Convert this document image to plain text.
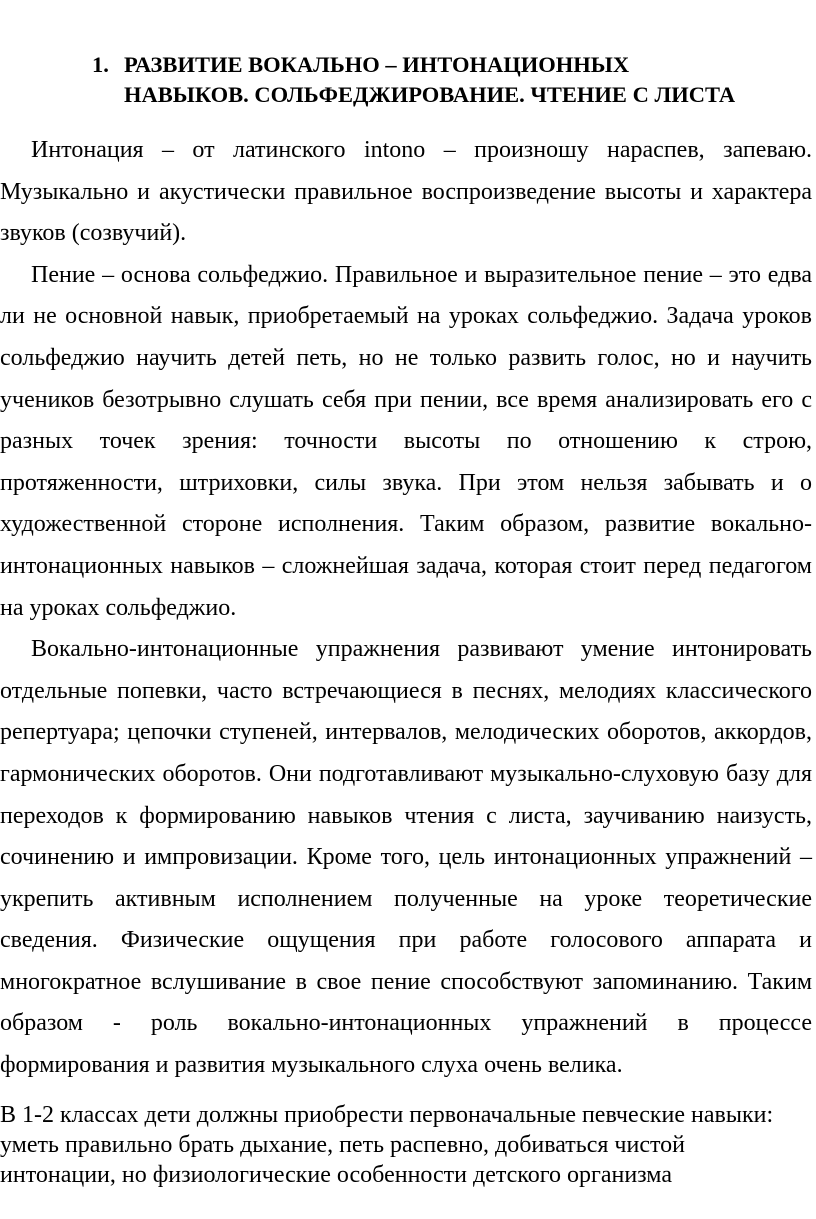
1. РАЗВИТИЕ ВОКАЛЬНО – ИНТОНАЦИОННЫХ
НАВЫКОВ. СОЛЬФЕДЖИРОВАНИЕ. ЧТЕНИЕ С ЛИСТА

Интонация – от латинского intono – произношу нараспев, запеваю. Музыкально и акустически правильное воспроизведение высоты и характера звуков (созвучий).

Пение – основа сольфеджио. Правильное и выразительное пение – это едва ли не основной навык, приобретаемый на уроках сольфеджио. Задача уроков сольфеджио научить детей петь, но не только развить голос, но и научить учеников безотрывно слушать себя при пении, все время анализировать его с разных точек зрения: точности высоты по отношению к строю, протяженности, штриховки, силы звука. При этом нельзя забывать и о художественной стороне исполнения. Таким образом, развитие вокально-интонационных навыков – сложнейшая задача, которая стоит перед педагогом на уроках сольфеджио.

Вокально-интонационные упражнения развивают умение интонировать отдельные попевки, часто встречающиеся в песнях, мелодиях классического репертуара; цепочки ступеней, интервалов, мелодических оборотов, аккордов, гармонических оборотов. Они подготавливают музыкально-слуховую базу для переходов к формированию навыков чтения с листа, заучиванию наизусть, сочинению и импровизации. Кроме того, цель интонационных упражнений – укрепить активным исполнением полученные на уроке теоретические сведения. Физические ощущения при работе голосового аппарата и многократное вслушивание в свое пение способствуют запоминанию. Таким образом - роль вокально-интонационных упражнений в процессе формирования и развития музыкального слуха очень велика.

В 1-2 классах дети должны приобрести первоначальные певческие навыки:
уметь правильно брать дыхание, петь распевно, добиваться чистой
интонации, но физиологические особенности детского организма
